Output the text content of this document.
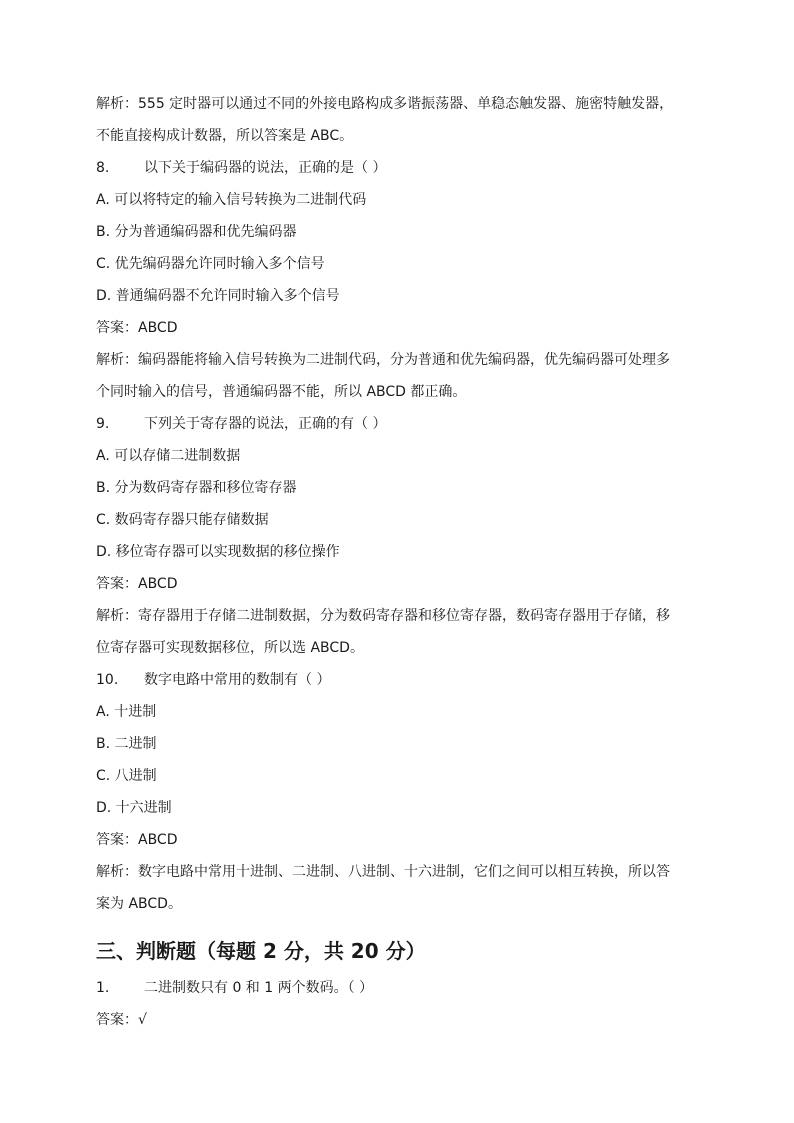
解析：555 定时器可以通过不同的外接电路构成多谐振荡器、单稳态触发器、施密特触发器，
不能直接构成计数器，所以答案是 ABC。
8. 以下关于编码器的说法，正确的是（ ）
A. 可以将特定的输入信号转换为二进制代码
B. 分为普通编码器和优先编码器
C. 优先编码器允许同时输入多个信号
D. 普通编码器不允许同时输入多个信号
答案：ABCD
解析：编码器能将输入信号转换为二进制代码，分为普通和优先编码器，优先编码器可处理多
个同时输入的信号，普通编码器不能，所以 ABCD 都正确。
9. 下列关于寄存器的说法，正确的有（ ）
A. 可以存储二进制数据
B. 分为数码寄存器和移位寄存器
C. 数码寄存器只能存储数据
D. 移位寄存器可以实现数据的移位操作
答案：ABCD
解析：寄存器用于存储二进制数据，分为数码寄存器和移位寄存器，数码寄存器用于存储，移
位寄存器可实现数据移位，所以选 ABCD。
10. 数字电路中常用的数制有（ ）
A. 十进制
B. 二进制
C. 八进制
D. 十六进制
答案：ABCD
解析：数字电路中常用十进制、二进制、八进制、十六进制，它们之间可以相互转换，所以答
案为 ABCD。
三、判断题（每题 2 分，共 20 分）
1. 二进制数只有 0 和 1 两个数码。（ ）
答案：√
